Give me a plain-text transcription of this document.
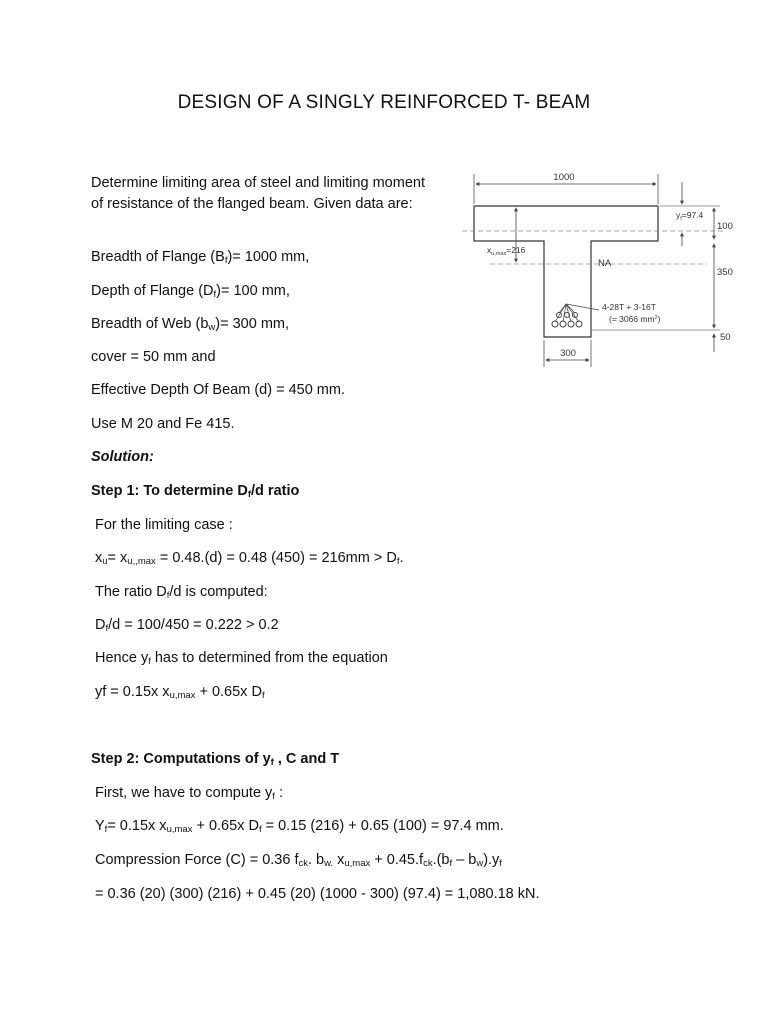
DESIGN OF A SINGLY REINFORCED T- BEAM
Determine limiting area of steel and limiting moment of resistance of the flanged beam. Given data are:
Breadth of Flange $(B_f)= 1000$ mm,
Depth of Flange $(D_f)= 100$ mm,
Breadth of Web $(b_w)= 300$ mm,
cover = 50 mm and
Effective Depth Of Beam (d) = 450 mm.
Use M 20 and Fe 415.
Solution:
Step 1: To determine $D_f/d$ ratio
For the limiting case :
$x_u= x_{u,,max} = 0.48.(d) = 0.48$ $(450) = 216mm > D_f$.
The ratio $D_f/d$ is computed:
$D_f/d = 100/450 = 0.222 > 0.2$
Hence $y_f$ has to determined from the equation
yf = 0.15x $x_{u,max} + 0.65x$ $D_f$
Step 2: Computations of $y_f$ , C and T
First, we have to compute $y_f$ :
$Y_f= 0.15x$ $x_{u,max} + 0.65x$ $D_f = 0.15$ (216) + 0.65 (100) = 97.4 mm.
Compression Force (C) = 0.36 $f_{ck}$. $b_{w.}$ $x_{u,max} + 0.45.f_{ck}.(b_f - b_w).y_f$
= 0.36 (20) (300) (216) + 0.45 (20) (1000 - 300) (97.4) = 1,080.18 kN.
1000
$x_{u,max}=216$
NA
$y_f=97.4$
100
350
50
4-28T + 3-16T
(= 3066 $mm^2$)
300
